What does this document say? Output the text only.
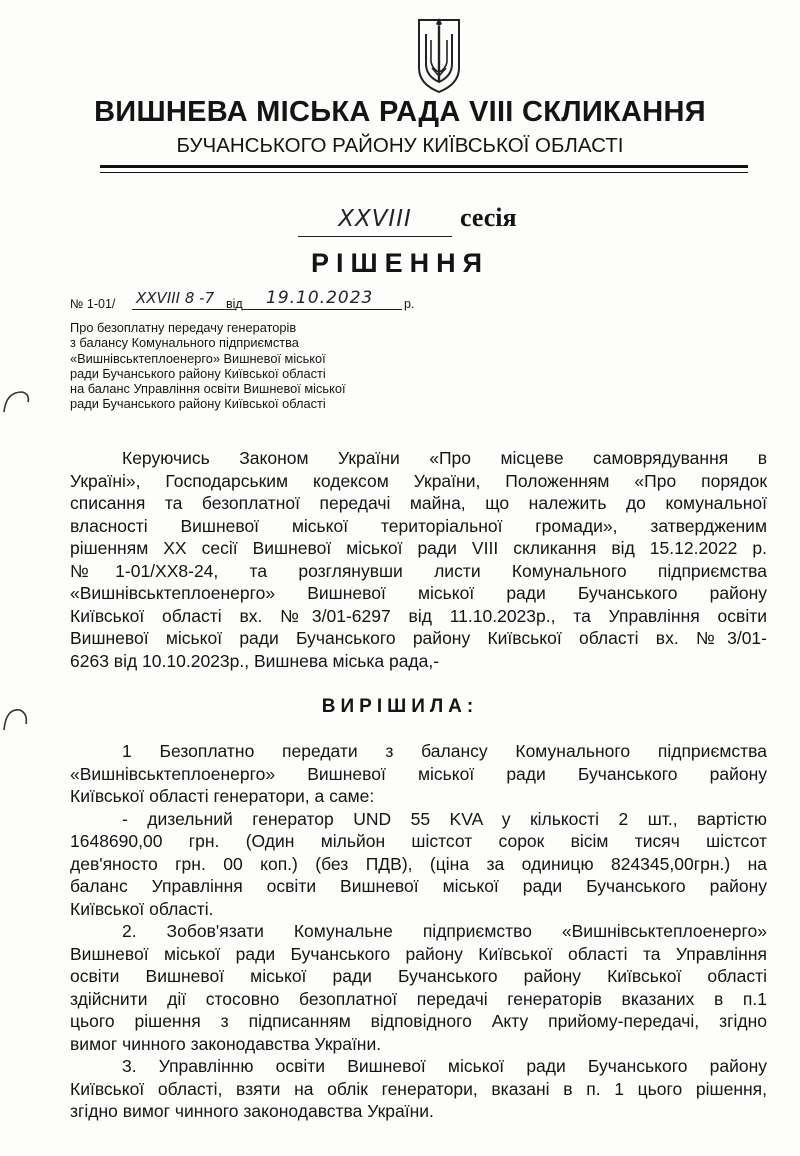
ВИШНЕВА МІСЬКА РАДА VIII СКЛИКАННЯ
БУЧАНСЬКОГО РАЙОНУ КИЇВСЬКОЇ ОБЛАСТІ
XXVIII	сесія
РІШЕННЯ
№ 1-01/ XXVIII 8 -7 від 19.10.2023 р.
Про безоплатну передачу генераторів
з балансу Комунального підприємства
«Вишнівськтеплоенерго» Вишневої міської
ради Бучанського району Київської області
на баланс Управління освіти Вишневої міської
ради Бучанського району Київської області
Керуючись Законом України «Про місцеве самоврядування в
Україні», Господарським кодексом України, Положенням «Про порядок
списання та безоплатної передачі майна, що належить до комунальної
власності Вишневої міської територіальної громади», затвердженим
рішенням XX сесії Вишневої міської ради VIII скликання від 15.12.2022 р.
№1-01/XX8-24, та розглянувши листи Комунального підприємства
«Вишнівськтеплоенерго» Вишневої міської ради Бучанського району
Київської області вх. №3/01-6297 від 11.10.2023р., та Управління освіти
Вишневої міської ради Бучанського району Київської області вх. №3/01-
6263 від 10.10.2023р., Вишнева міська рада,-
ВИРІШИЛА:
1 Безоплатно передати з балансу Комунального підприємства
«Вишнівськтеплоенерго» Вишневої міської ради Бучанського району
Київської області генератори, а саме:
- дизельний генератор UND 55 KVA у кількості 2 шт., вартістю
1648690,00 грн. (Один мільйон шістсот сорок вісім тисяч шістсот
дев'яносто грн. 00 коп.) (без ПДВ), (ціна за одиницю 824345,00грн.) на
баланс Управління освіти Вишневої міської ради Бучанського району
Київської області.
2. Зобов'язати Комунальне підприємство «Вишнівськтеплоенерго»
Вишневої міської ради Бучанського району Київської області та Управління
освіти Вишневої міської ради Бучанського району Київської області
здійснити дії стосовно безоплатної передачі генераторів вказаних в п.1
цього рішення з підписанням відповідного Акту прийому-передачі, згідно
вимог чинного законодавства України.
3. Управлінню освіти Вишневої міської ради Бучанського району
Київської області, взяти на облік генератори, вказані в п. 1 цього рішення,
згідно вимог чинного законодавства України.
